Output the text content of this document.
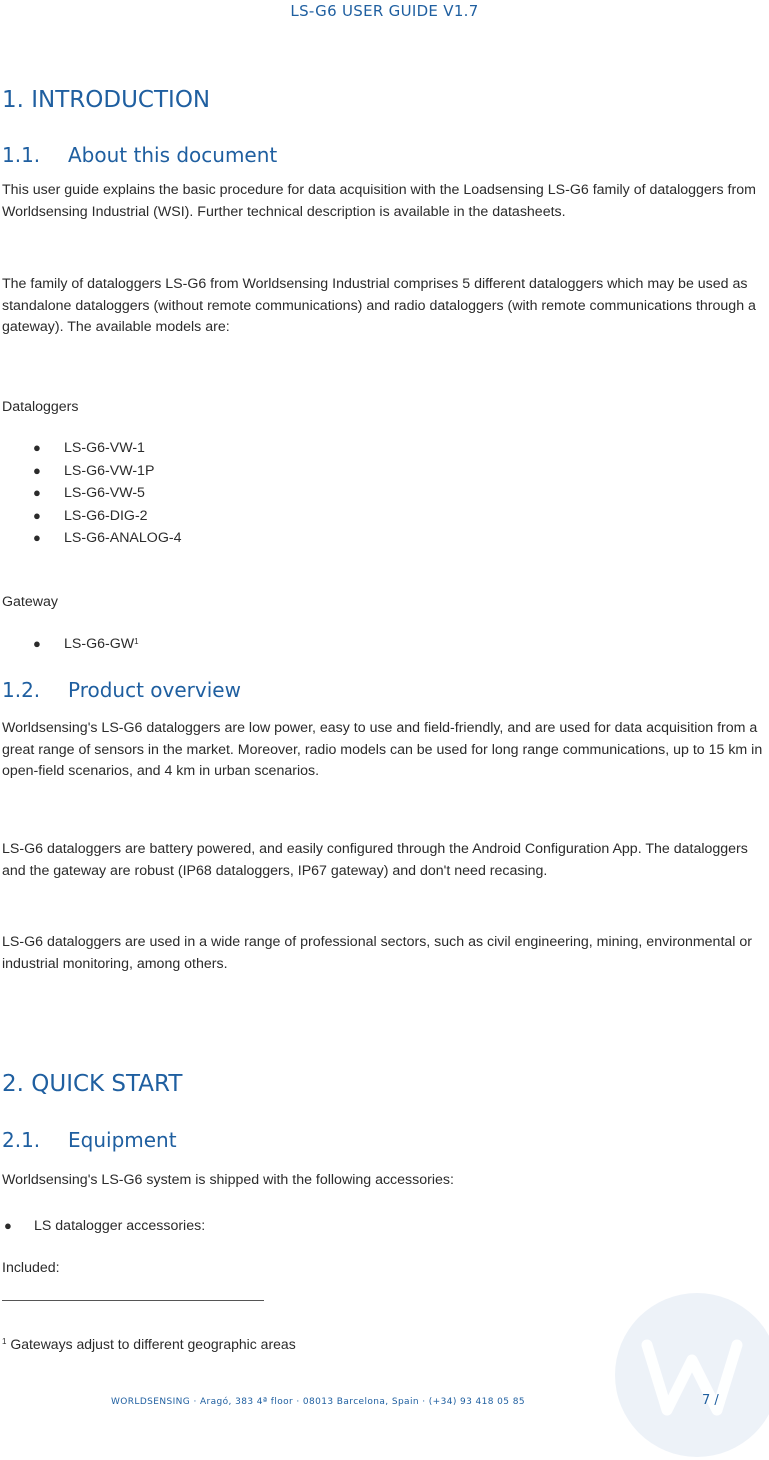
LS-G6 USER GUIDE V1.7
1. INTRODUCTION
1.1. About this document

This user guide explains the basic procedure for data acquisition with the Loadsensing LS-G6 family of dataloggers from Worldsensing Industrial (WSI). Further technical description is available in the datasheets.

The family of dataloggers LS-G6 from Worldsensing Industrial comprises 5 different dataloggers which may be used as standalone dataloggers (without remote communications) and radio dataloggers (with remote communications through a gateway). The available models are:

Dataloggers

● LS-G6-VW-1
● LS-G6-VW-1P
● LS-G6-VW-5
● LS-G6-DIG-2
● LS-G6-ANALOG-4

Gateway

● $LS-G6-GW^1$
1.2. Product overview

Worldsensing's LS-G6 dataloggers are low power, easy to use and field-friendly, and are used for data acquisition from a great range of sensors in the market. Moreover, radio models can be used for long range communications, up to 15 km in open-field scenarios, and 4 km in urban scenarios.

LS-G6 dataloggers are battery powered, and easily configured through the Android Configuration App. The dataloggers and the gateway are robust (IP68 dataloggers, IP67 gateway) and don't need recasing.

LS-G6 dataloggers are used in a wide range of professional sectors, such as civil engineering, mining, environmental or industrial monitoring, among others.

2. QUICK START
2.1. Equipment

Worldsensing's LS-G6 system is shipped with the following accessories:

● LS datalogger accessories:

Included:

$^1$ Gateways adjust to different geographic areas

WORLDSENSING · Aragó, 383 4ª floor · 08013 Barcelona, Spain · (+34) 93 418 05 85	7 /
